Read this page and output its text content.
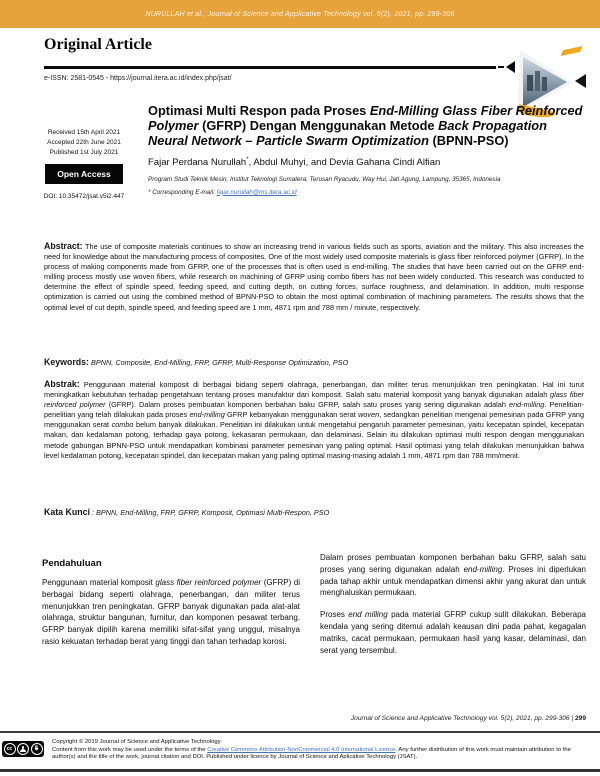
NURULLAH et al., Journal of Science and Applicative Technology vol. 5(2), 2021, pp. 299-306
Original Article
e-ISSN: 2581-0545 - https://journal.itera.ac.id/index.php/jsat/
Received 15th April 2021
Accepted 22th June 2021
Published 1st July 2021
Open Access
DOI: 10.35472/jsat.v5i2.447
Optimasi Multi Respon pada Proses End-Milling Glass Fiber Reinforced Polymer (GFRP) Dengan Menggunakan Metode Back Propagation Neural Network – Particle Swarm Optimization (BPNN-PSO)
Fajar Perdana Nurullah*, Abdul Muhyi, and Devia Gahana Cindi Alfian
Program Studi Teknik Mesin, Institut Teknologi Sumatera, Terusan Ryacudu, Way Hui, Jati Agung, Lampung, 35365, Indonesia
* Corresponding E-mail: fajar.nurullah@ms.itera.ac.id
Abstract: The use of composite materials continues to show an increasing trend in various fields such as sports, aviation and the military. This also increases the need for knowledge about the manufacturing process of composites. One of the most widely used composite materials is glass fiber reinforced polymer (GFRP). In the process of making components made from GFRP, one of the processes that is often used is end-milling. The studies that have been carried out on the GFRP end-milling process mostly use woven fibers, while research on machining of GFRP using combo fibers has not been widely conducted. This research was conducted to determine the effect of spindle speed, feeding speed, and cutting depth, on cutting forces, surface roughness, and delamination. In addition, multi response optimization is carried out using the combined method of BPNN-PSO to obtain the most optimal combination of machining parameters. The results shows that the optimal level of cut depth, spindle speed, and feeding speed are 1 mm, 4871 rpm and 788 mm / minute, respectively.
Keywords: BPNN, Composite, End-Milling, FRP, GFRP, Multi-Response Optimization, PSO
Abstrak: Penggunaan material komposit di berbagai bidang seperti olahraga, penerbangan, dan militer terus menunjukkan tren peningkatan. Hal ini turut meningkatkan kebutuhan terhadap pengetahuan tentang proses manufaktur dari komposit. Salah satu material komposit yang banyak digunakan adalah glass fiber reinforced polymer (GFRP). Dalam proses pembuatan komponen berbahan baku GFRP, salah satu proses yang sering digunakan adalah end-milling. Penelitian-penelitian yang telah dilakukan pada proses end-milling GFRP kebanyakan menggunakan serat woven, sedangkan penelitian mengenai pemesinan pada GFRP yang menggunakan serat combo belum banyak dilakukan. Penelitian ini dilakukan untuk mengetahui pengaruh parameter pemesinan, yaitu kecepatan spindel, kecepatan makan, dan kedalaman potong, terhadap gaya potong, kekasaran permukaan, dan delaminasi. Selain itu dilakukan optimasi multi respon dengan menggunakan metode gabungan BPNN-PSO untuk mendapatkan kombinasi parameter pemesinan yang paling optimal. Hasil optimasi yang telah dilakukan menunjukkan bahwa level kedalaman potong, kecepatan spindel, dan kecepatan makan yang paling optimal masing-masing adalah 1 mm, 4871 rpm dan 788 mm/menit.
Kata Kunci : BPNN, End-Milling, FRP, GFRP, Komposit, Optimasi Multi-Respon, PSO
Pendahuluan

Penggunaan material komposit glass fiber reinforced polymer (GFRP) di berbagai bidang seperti olahraga, penerbangan, dan militer terus menunjukkan tren peningkatan. GFRP banyak digunakan pada alat-alat olahraga, struktur bangunan, furnitur, dan komponen pesawat terbang. GFRP banyak dipilih karena memiliki sifat-sifat yang unggul, misalnya rasio kekuatan terhadap berat yang tinggi dan tahan terhadap korosi.

Dalam proses pembuatan komponen berbahan baku GFRP, salah satu proses yang sering digunakan adalah end-milling. Proses ini diperlukan pada tahap akhir untuk mendapatkan dimensi akhir yang akurat dan untuk menghaluskan permukaan.

Proses end milling pada material GFRP cukup sulit dilakukan. Beberapa kendala yang sering ditemui adalah keausan dini pada pahat, kegagalan matriks, cacat permukaan, permukaan hasil yang kasar, delaminasi, dan serat yang tersembul.

Journal of Science and Applicative Technology vol. 5(2), 2021, pp. 299-306 | 299
cc	$
Copyright © 2019 Journal of Science and Applicative Technology.
Content from this work may be used under the terms of the Creative Commons Attribution-NonCommercial 4.0 International Licence. Any further distribution of this work must maintain attribution to the author(s) and the title of the work, journal citation and DOI. Published under licence by Journal of Science and Aplicative Technology (JSAT).
